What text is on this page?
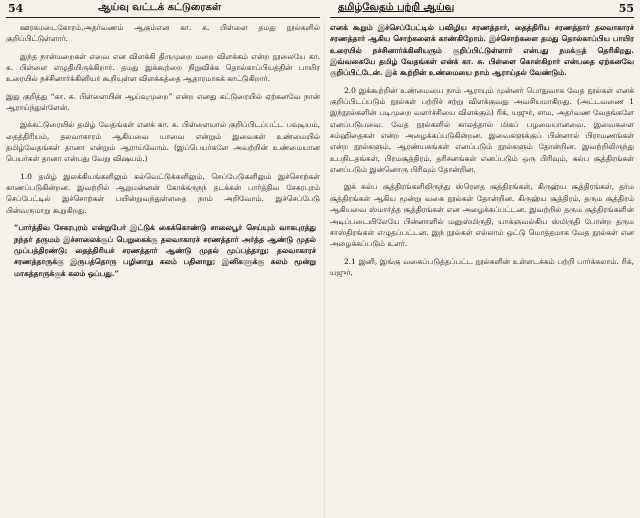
54	ஆய்வு வட்டக் கட்டுரைகள்	தமிழ்வேதம் பற்றி ஆய்வு	55

ஊரகமடைகோரம்,அதர்வணம் ஆகும்என கா. சு. பிள்ளை தமது நூல்களில் குறிப்பிட்டுள்ளார்.

இந்த நான்மறைகள் எவை என விளக்கி திருமுறை மறை விளக்கம் என்ற நூலையே கா. சு. பிள்ளை எழுதியிருக்கிறார். தமது இக்கூற்றை நிறுவிக்க தொல்காப்பியத்தின் பாயிர உரையில் நச்சினார்க்கினியர் கூறியுள்ள விளக்கத்தை ஆதாரமாகக் காட்டுகிறார்.

இது குறித்து “கா. சு. பிள்ளையின் ஆய்வுமுறை” என்ற எனது கட்டுரையில் ஏற்கனவே நான் ஆராய்ந்துள்ளேன்.

இக்கட்டுரையில் தமிழ் வேதங்கள் எனக் கா. சு. பிள்ளையால் குறிப்பிடப்பட்ட பவுடியம், தைத்திரியம், தலவாகாரம் ஆகியவை யாவை என்றும் இவைகள் உண்மையில் தமிழ்வேதங்கள் தானா என்றும் ஆராய்வோம். (இப்பெயர்களே அவற்றின் உண்மையான பெயர்கள் தானா என்பது வேறு விஷயம்.)

1.0 தமிழ் இலக்கியங்களிலும் கல்வெட்டுக்களிலும், செப்பேடுகளிலும் இச்சொற்கள் காணப்படுகின்றன. இவற்றில் ஆறுமன்னன் கோக்கருநந் தடக்கன் பார்த்திவ சேகரபுரம் செப்பேட்டில் இச்சொற்கள் பயின்றுவந்துள்ளதை நாம் அறிவோம். இச்செப்பேடு பின்வருமாறு கூறுகிறது.

“பார்த்திவ சேகரபுரம் என்றுபேர் இட்டுக் கைக்கொண்டு சாலைபூர் செய்யும் வாகபுரத்து நந்தர் தருமம் இச்சாலைக்குப் பெறுகைக்கு தலவாகாரச் சரணத்தார் அர்த்த ஆண்டு முதல் முப்பத்திரண்டு; தைத்திரியச் சரணத்தார் ஆண்டு முதல் முப்பத்தாறு; தலவாகாரச் சரணத்தாருக்கு இருபத்தொரு பழினாறு கலம் பதினாறு; இனிகளுக்கு கலம் மூன்று மாகத்தாருக்குக் கலம் ஒப்பது.”

எனக் கூறும் இச்செப்பேட்டில் பவிழிய சரணத்தார், தைத்திரிய சரணத்தார் தலவாகாரச் சரணத்தார் ஆகிய சொற்களைக் காண்கிறோம். இச்சொற்களை தமது தொல்காப்பிய பாயிர உரையில் நச்சினார்க்கினியரும் குறிப்பிட்டுள்ளார் என்பது நமக்குத் தெரிகிறது. இவ்வகையே தமிழ் வேதங்கள் என்க் கா. சு. பிள்ளை கொள்கிறார் என்பதை ஏற்கனவே குறிப்பிட்டேன். இக் கூற்றின் உண்மையை நாம் ஆராய்தல் வேண்டும்.

2.0 இக்கூற்றின் உண்மையை நாம் ஆராயும் முன்னர் பொதுவாக வேத நூல்கள் எனக் குறிப்பிடப்படும் நூல்கள் பற்றிச் சற்று விளக்குவது அவசியமாகிறது. (அட்டவணை 1 இந்நூல்களின் படிமுறை வளர்ச்சியை விளக்கும்) ரிக், யஜுர், சாம, அதர்வண வேதங்களே எனப்படுபவை. வேத நூல்களில் காலத்தால் மிகப் பழமையானவை. இவைகளை சம்ஹிதைகள் என்ற அழைக்கப்படுகின்றன. இவைகளுக்குப் பின்னால் பிராமணங்கள் என்ற நூல்களும், ஆரண்யகங்கள் எனப்படும் நூல்களும் தோன்றின. இவற்றிலிருந்து உபநிடதங்கள், பிரமசூத்திரம், தரிசனங்கள் எனப்படும் ஒரு பிரிவும், கல்ப சூத்திரங்கள் எனப்படும் இன்னொரு பிரிவும் தோன்றின.

இக் கல்ப சூத்திரங்களிலிருந்து ஸ்ரௌத சூத்திரங்கள், கிருஹ்ய சூத்திரங்கள், தர்ம சூத்திரங்கள் ஆகிய மூன்று வகை நூல்கள் தோன்றின. கிருஹ்ய சூத்திரம், தரும சூத்திரம் ஆகியவை ஸ்மார்த்த சூத்திரங்கள் என அழைக்கப்பட்டன. இவற்றில் தரும சூத்திரங்களின் அடிப்படையிலேயே பின்னாளில் மனுஸ்மிருதி, யாக்ஞவல்கிய ஸ்மிருதி போன்ற தரும சாஸ்திரங்கள் எழுதப்பட்டன. இந் நூல்கள் எல்லாம் ஒட்டு மொத்தமாக வேத நூல்கள் என அழைக்கப்படும் உளர்.

2.1 இனி, இங்கு வகைப்படுத்தப்பட்ட நூல்களின் உள்ளடக்கம் பற்றி பார்க்கலாம். ரிக், யஜுர்,
